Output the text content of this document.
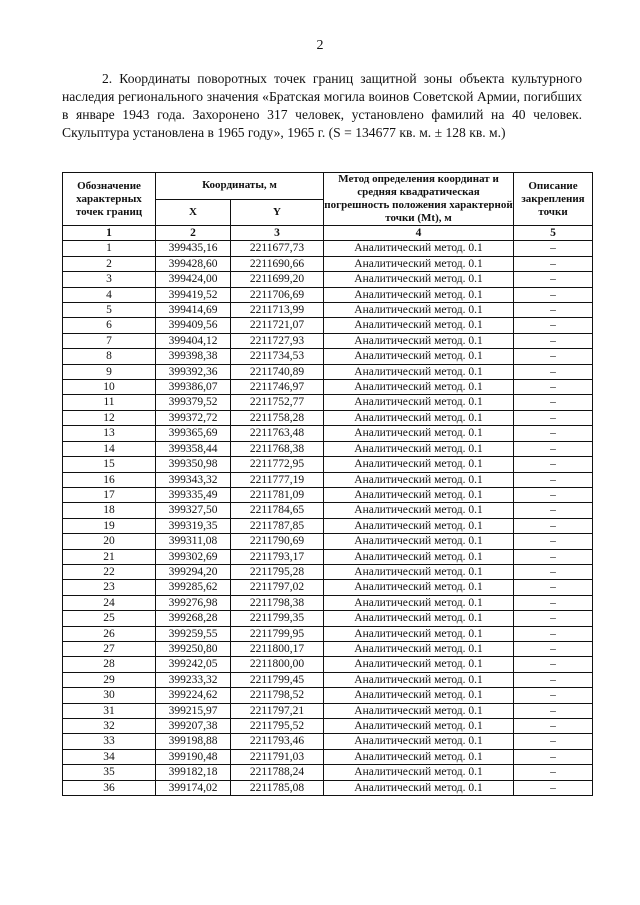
2

2. Координаты поворотных точек границ защитной зоны объекта культурного наследия регионального значения «Братская могила воинов Советской Армии, погибших в январе 1943 года. Захоронено 317 человек, установлено фамилий на 40 человек. Скульптура установлена в 1965 году», 1965 г. (S = 134677 кв. м. ± 128 кв. м.)

Обозначение характерных точек границ	Координаты, м		Метод определения координат и средняя квадратическая погрешность положения характерной точки (Mt), м	Описание закрепления точки
	X	Y		
1	2	3	4	5
1	399435,16	2211677,73	Аналитический метод. 0.1	–
2	399428,60	2211690,66	Аналитический метод. 0.1	–
3	399424,00	2211699,20	Аналитический метод. 0.1	–
4	399419,52	2211706,69	Аналитический метод. 0.1	–
5	399414,69	2211713,99	Аналитический метод. 0.1	–
6	399409,56	2211721,07	Аналитический метод. 0.1	–
7	399404,12	2211727,93	Аналитический метод. 0.1	–
8	399398,38	2211734,53	Аналитический метод. 0.1	–
9	399392,36	2211740,89	Аналитический метод. 0.1	–
10	399386,07	2211746,97	Аналитический метод. 0.1	–
11	399379,52	2211752,77	Аналитический метод. 0.1	–
12	399372,72	2211758,28	Аналитический метод. 0.1	–
13	399365,69	2211763,48	Аналитический метод. 0.1	–
14	399358,44	2211768,38	Аналитический метод. 0.1	–
15	399350,98	2211772,95	Аналитический метод. 0.1	–
16	399343,32	2211777,19	Аналитический метод. 0.1	–
17	399335,49	2211781,09	Аналитический метод. 0.1	–
18	399327,50	2211784,65	Аналитический метод. 0.1	–
19	399319,35	2211787,85	Аналитический метод. 0.1	–
20	399311,08	2211790,69	Аналитический метод. 0.1	–
21	399302,69	2211793,17	Аналитический метод. 0.1	–
22	399294,20	2211795,28	Аналитический метод. 0.1	–
23	399285,62	2211797,02	Аналитический метод. 0.1	–
24	399276,98	2211798,38	Аналитический метод. 0.1	–
25	399268,28	2211799,35	Аналитический метод. 0.1	–
26	399259,55	2211799,95	Аналитический метод. 0.1	–
27	399250,80	2211800,17	Аналитический метод. 0.1	–
28	399242,05	2211800,00	Аналитический метод. 0.1	–
29	399233,32	2211799,45	Аналитический метод. 0.1	–
30	399224,62	2211798,52	Аналитический метод. 0.1	–
31	399215,97	2211797,21	Аналитический метод. 0.1	–
32	399207,38	2211795,52	Аналитический метод. 0.1	–
33	399198,88	2211793,46	Аналитический метод. 0.1	–
34	399190,48	2211791,03	Аналитический метод. 0.1	–
35	399182,18	2211788,24	Аналитический метод. 0.1	–
36	399174,02	2211785,08	Аналитический метод. 0.1	–
